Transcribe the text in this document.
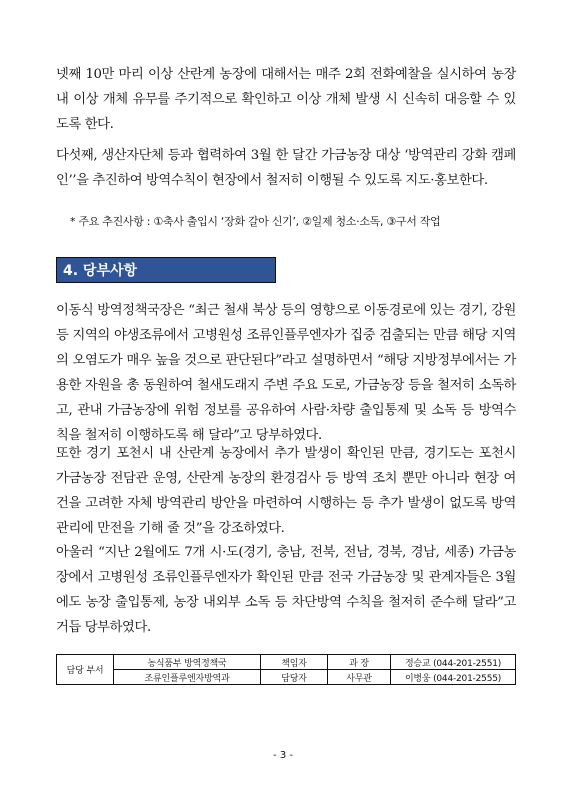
넷째 10만 마리 이상 산란계 농장에 대해서는 매주 2회 전화예찰을 실시하여 농장 내 이상 개체 유무를 주기적으로 확인하고 이상 개체 발생 시 신속히 대응할 수 있도록 한다.

다섯째, 생산자단체 등과 협력하여 3월 한 달간 가금농장 대상 ‘방역관리 강화 캠페인’’을 추진하여 방역수칙이 현장에서 철저히 이행될 수 있도록 지도·홍보한다.

* 주요 추진사항 : ①축사 출입시 ‘장화 갈아 신기’, ②일제 청소·소독, ③구서 작업
4. 당부사항

이동식 방역정책국장은 “최근 철새 북상 등의 영향으로 이동경로에 있는 경기, 강원 등 지역의 야생조류에서 고병원성 조류인플루엔자가 집중 검출되는 만큼 해당 지역의 오염도가 매우 높을 것으로 판단된다”라고 설명하면서 “해당 지방정부에서는 가용한 자원을 총 동원하여 철새도래지 주변 주요 도로, 가금농장 등을 철저히 소독하고, 관내 가금농장에 위험 정보를 공유하여 사람·차량 출입통제 및 소독 등 방역수칙을 철저히 이행하도록 해 달라”고 당부하였다.

또한 경기 포천시 내 산란계 농장에서 추가 발생이 확인된 만큼, 경기도는 포천시 가금농장 전담관 운영, 산란계 농장의 환경검사 등 방역 조치 뿐만 아니라 현장 여건을 고려한 자체 방역관리 방안을 마련하여 시행하는 등 추가 발생이 없도록 방역 관리에 만전을 기해 줄 것”을 강조하였다.

아울러 “지난 2월에도 7개 시·도(경기, 충남, 전북, 전남, 경북, 경남, 세종) 가금농장에서 고병원성 조류인플루엔자가 확인된 만큼 전국 가금농장 및 관계자들은 3월에도 농장 출입통제, 농장 내외부 소독 등 차단방역 수칙을 철저히 준수해 달라”고 거듭 당부하였다.

담당 부서	농식품부 방역정책국	책임자	과 장	정승교 (044-201-2551)
	조류인플루엔자방역과	담당자	사무관	이병웅 (044-201-2555)
- 3 -
